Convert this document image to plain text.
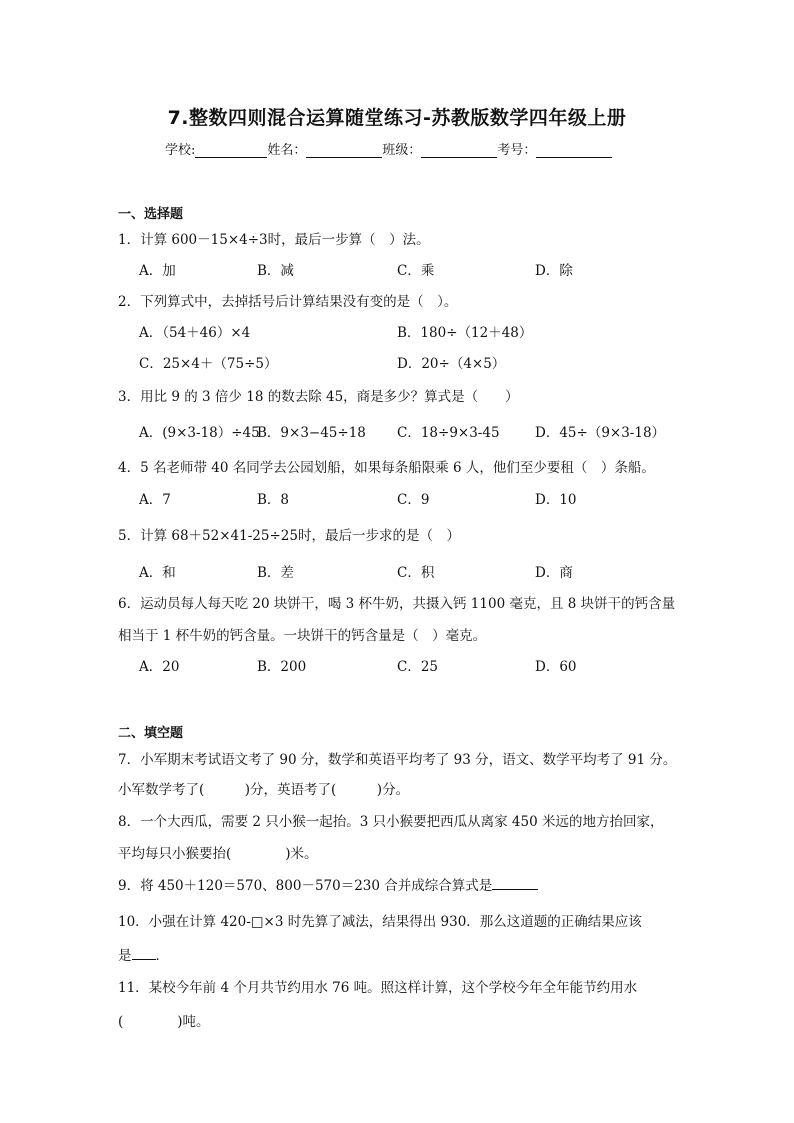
7.整数四则混合运算随堂练习-苏教版数学四年级上册
学校:	姓名：	班级：	考号：
一、选择题
1．计算 600－15×4÷3时，最后一步算（　）法。
A．加	B．减	C．乘	D．除
2．下列算式中，去掉括号后计算结果没有变的是（　）。
A．（54＋46）×4	B．180÷（12＋48）
C．25×4＋（75÷5）	D．20÷（4×5）
3．用比 9 的 3 倍少 18 的数去除 45，商是多少？算式是（　　）
A．(9×3-18）÷45
B．9×3−45÷18 C．18÷9×3-45	D．45÷（9×3-18）
4．5 名老师带 40 名同学去公园划船，如果每条船限乘 6 人，他们至少要租（　）条船。
A．7	B．8	C．9	D．10
5．计算 68＋52×41-25÷25时，最后一步求的是（　）
A．和	B．差	C．积	D．商
6．运动员每人每天吃 20 块饼干，喝 3 杯牛奶，共摄入钙 1100 毫克，且 8 块饼干的钙含量
相当于 1 杯牛奶的钙含量。一块饼干的钙含量是（　）毫克。
A．20	B．200	C．25	D．60
二、填空题
7．小军期末考试语文考了 90 分，数学和英语平均考了 93 分，语文、数学平均考了 91 分。
小军数学考了(　　　)分，英语考了(　　　)分。
8．一个大西瓜，需要 2 只小猴一起抬。3 只小猴要把西瓜从离家 450 米远的地方抬回家，
平均每只小猴要抬(　　　　)米。
9．将 450＋120＝570、800－570＝230 合并成综合算式是
10．小强在计算 420-□×3 时先算了减法，结果得出 930．那么这道题的正确结果应该
是 ．
11．某校今年前 4 个月共节约用水 76 吨。照这样计算，这个学校今年全年能节约用水
(　　　　)吨。
